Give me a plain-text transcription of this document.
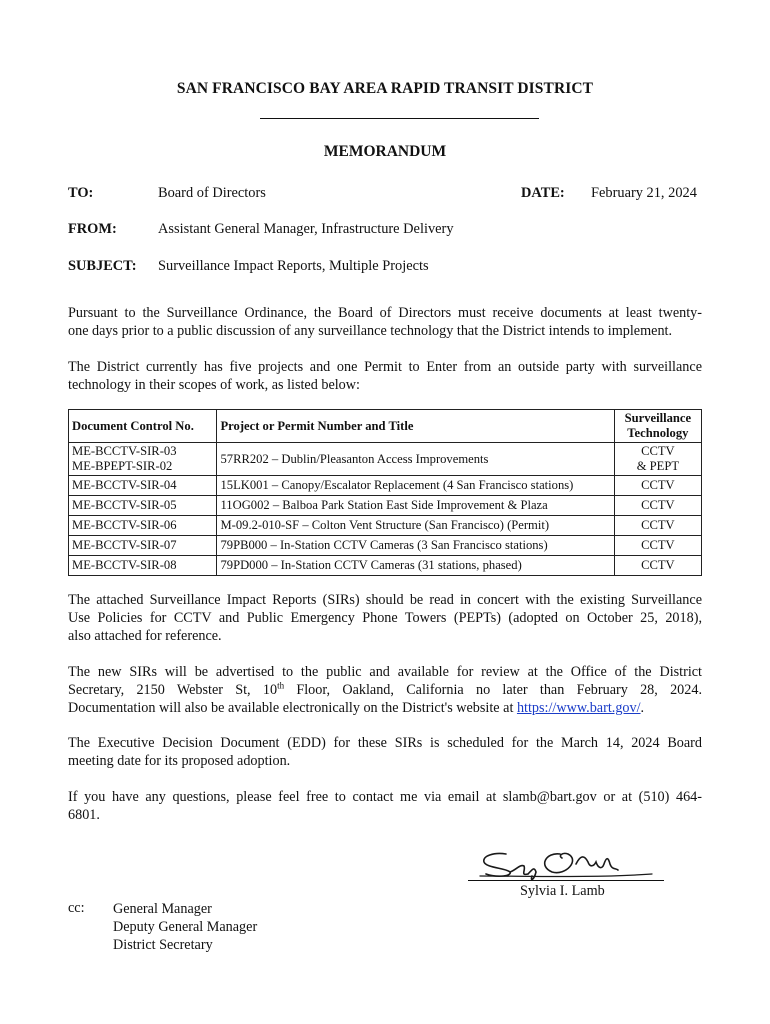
SAN FRANCISCO BAY AREA RAPID TRANSIT DISTRICT
MEMORANDUM
TO:	Board of Directors	DATE: February 21, 2024
FROM:	Assistant General Manager, Infrastructure Delivery
SUBJECT: Surveillance Impact Reports, Multiple Projects
Pursuant to the Surveillance Ordinance, the Board of Directors must receive documents at least twenty-
one days prior to a public discussion of any surveillance technology that the District intends to implement.
The District currently has five projects and one Permit to Enter from an outside party with surveillance
technology in their scopes of work, as listed below:
Document Control No.	Project or Permit Number and Title	Surveillance
Technology
ME-BCCTV-SIR-03
ME-BPEPT-SIR-02	57RR202 – Dublin/Pleasanton Access Improvements	CCTV
& PEPT
ME-BCCTV-SIR-04	15LK001 – Canopy/Escalator Replacement (4 San Francisco stations)	CCTV
ME-BCCTV-SIR-05	11OG002 – Balboa Park Station East Side Improvement & Plaza	CCTV
ME-BCCTV-SIR-06	M-09.2-010-SF – Colton Vent Structure (San Francisco) (Permit)	CCTV
ME-BCCTV-SIR-07	79PB000 – In-Station CCTV Cameras (3 San Francisco stations)	CCTV
ME-BCCTV-SIR-08	79PD000 – In-Station CCTV Cameras (31 stations, phased)	CCTV
The attached Surveillance Impact Reports (SIRs) should be read in concert with the existing Surveillance
Use Policies for CCTV and Public Emergency Phone Towers (PEPTs) (adopted on October 25, 2018),
also attached for reference.
The new SIRs will be advertised to the public and available for review at the Office of the District
Secretary, 2150 Webster St, 10th Floor, Oakland, California no later than February 28, 2024.
Documentation will also be available electronically on the District's website at https://www.bart.gov/.
The Executive Decision Document (EDD) for these SIRs is scheduled for the March 14, 2024 Board
meeting date for its proposed adoption.
If you have any questions, please feel free to contact me via email at slamb@bart.gov or at (510) 464-
6801.
Sylvia I. Lamb
cc: General Manager
Deputy General Manager
District Secretary
